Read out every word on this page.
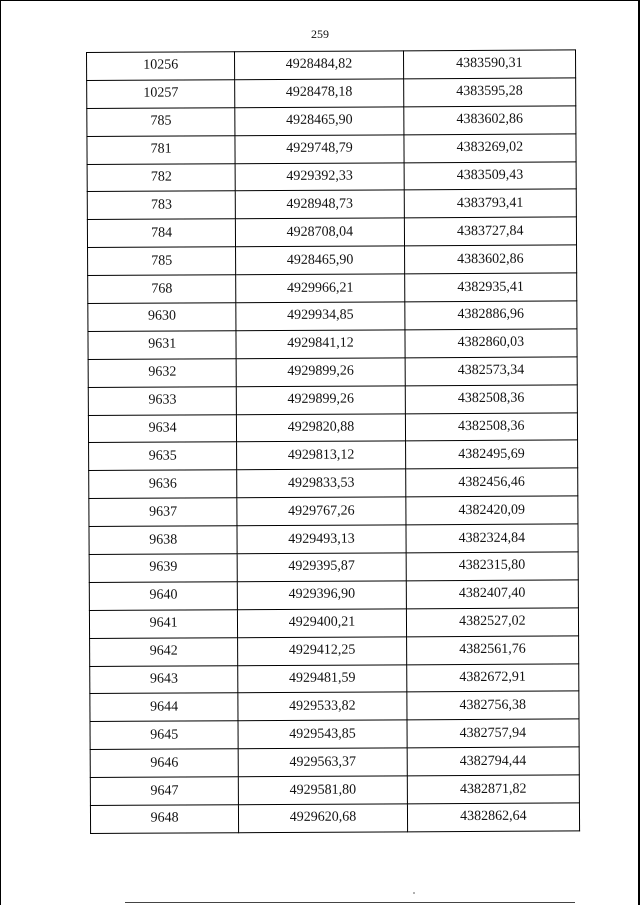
259
10256	4928484,82	4383590,31
10257	4928478,18	4383595,28
785	4928465,90	4383602,86
781	4929748,79	4383269,02
782	4929392,33	4383509,43
783	4928948,73	4383793,41
784	4928708,04	4383727,84
785	4928465,90	4383602,86
768	4929966,21	4382935,41
9630	4929934,85	4382886,96
9631	4929841,12	4382860,03
9632	4929899,26	4382573,34
9633	4929899,26	4382508,36
9634	4929820,88	4382508,36
9635	4929813,12	4382495,69
9636	4929833,53	4382456,46
9637	4929767,26	4382420,09
9638	4929493,13	4382324,84
9639	4929395,87	4382315,80
9640	4929396,90	4382407,40
9641	4929400,21	4382527,02
9642	4929412,25	4382561,76
9643	4929481,59	4382672,91
9644	4929533,82	4382756,38
9645	4929543,85	4382757,94
9646	4929563,37	4382794,44
9647	4929581,80	4382871,82
9648	4929620,68	4382862,64
